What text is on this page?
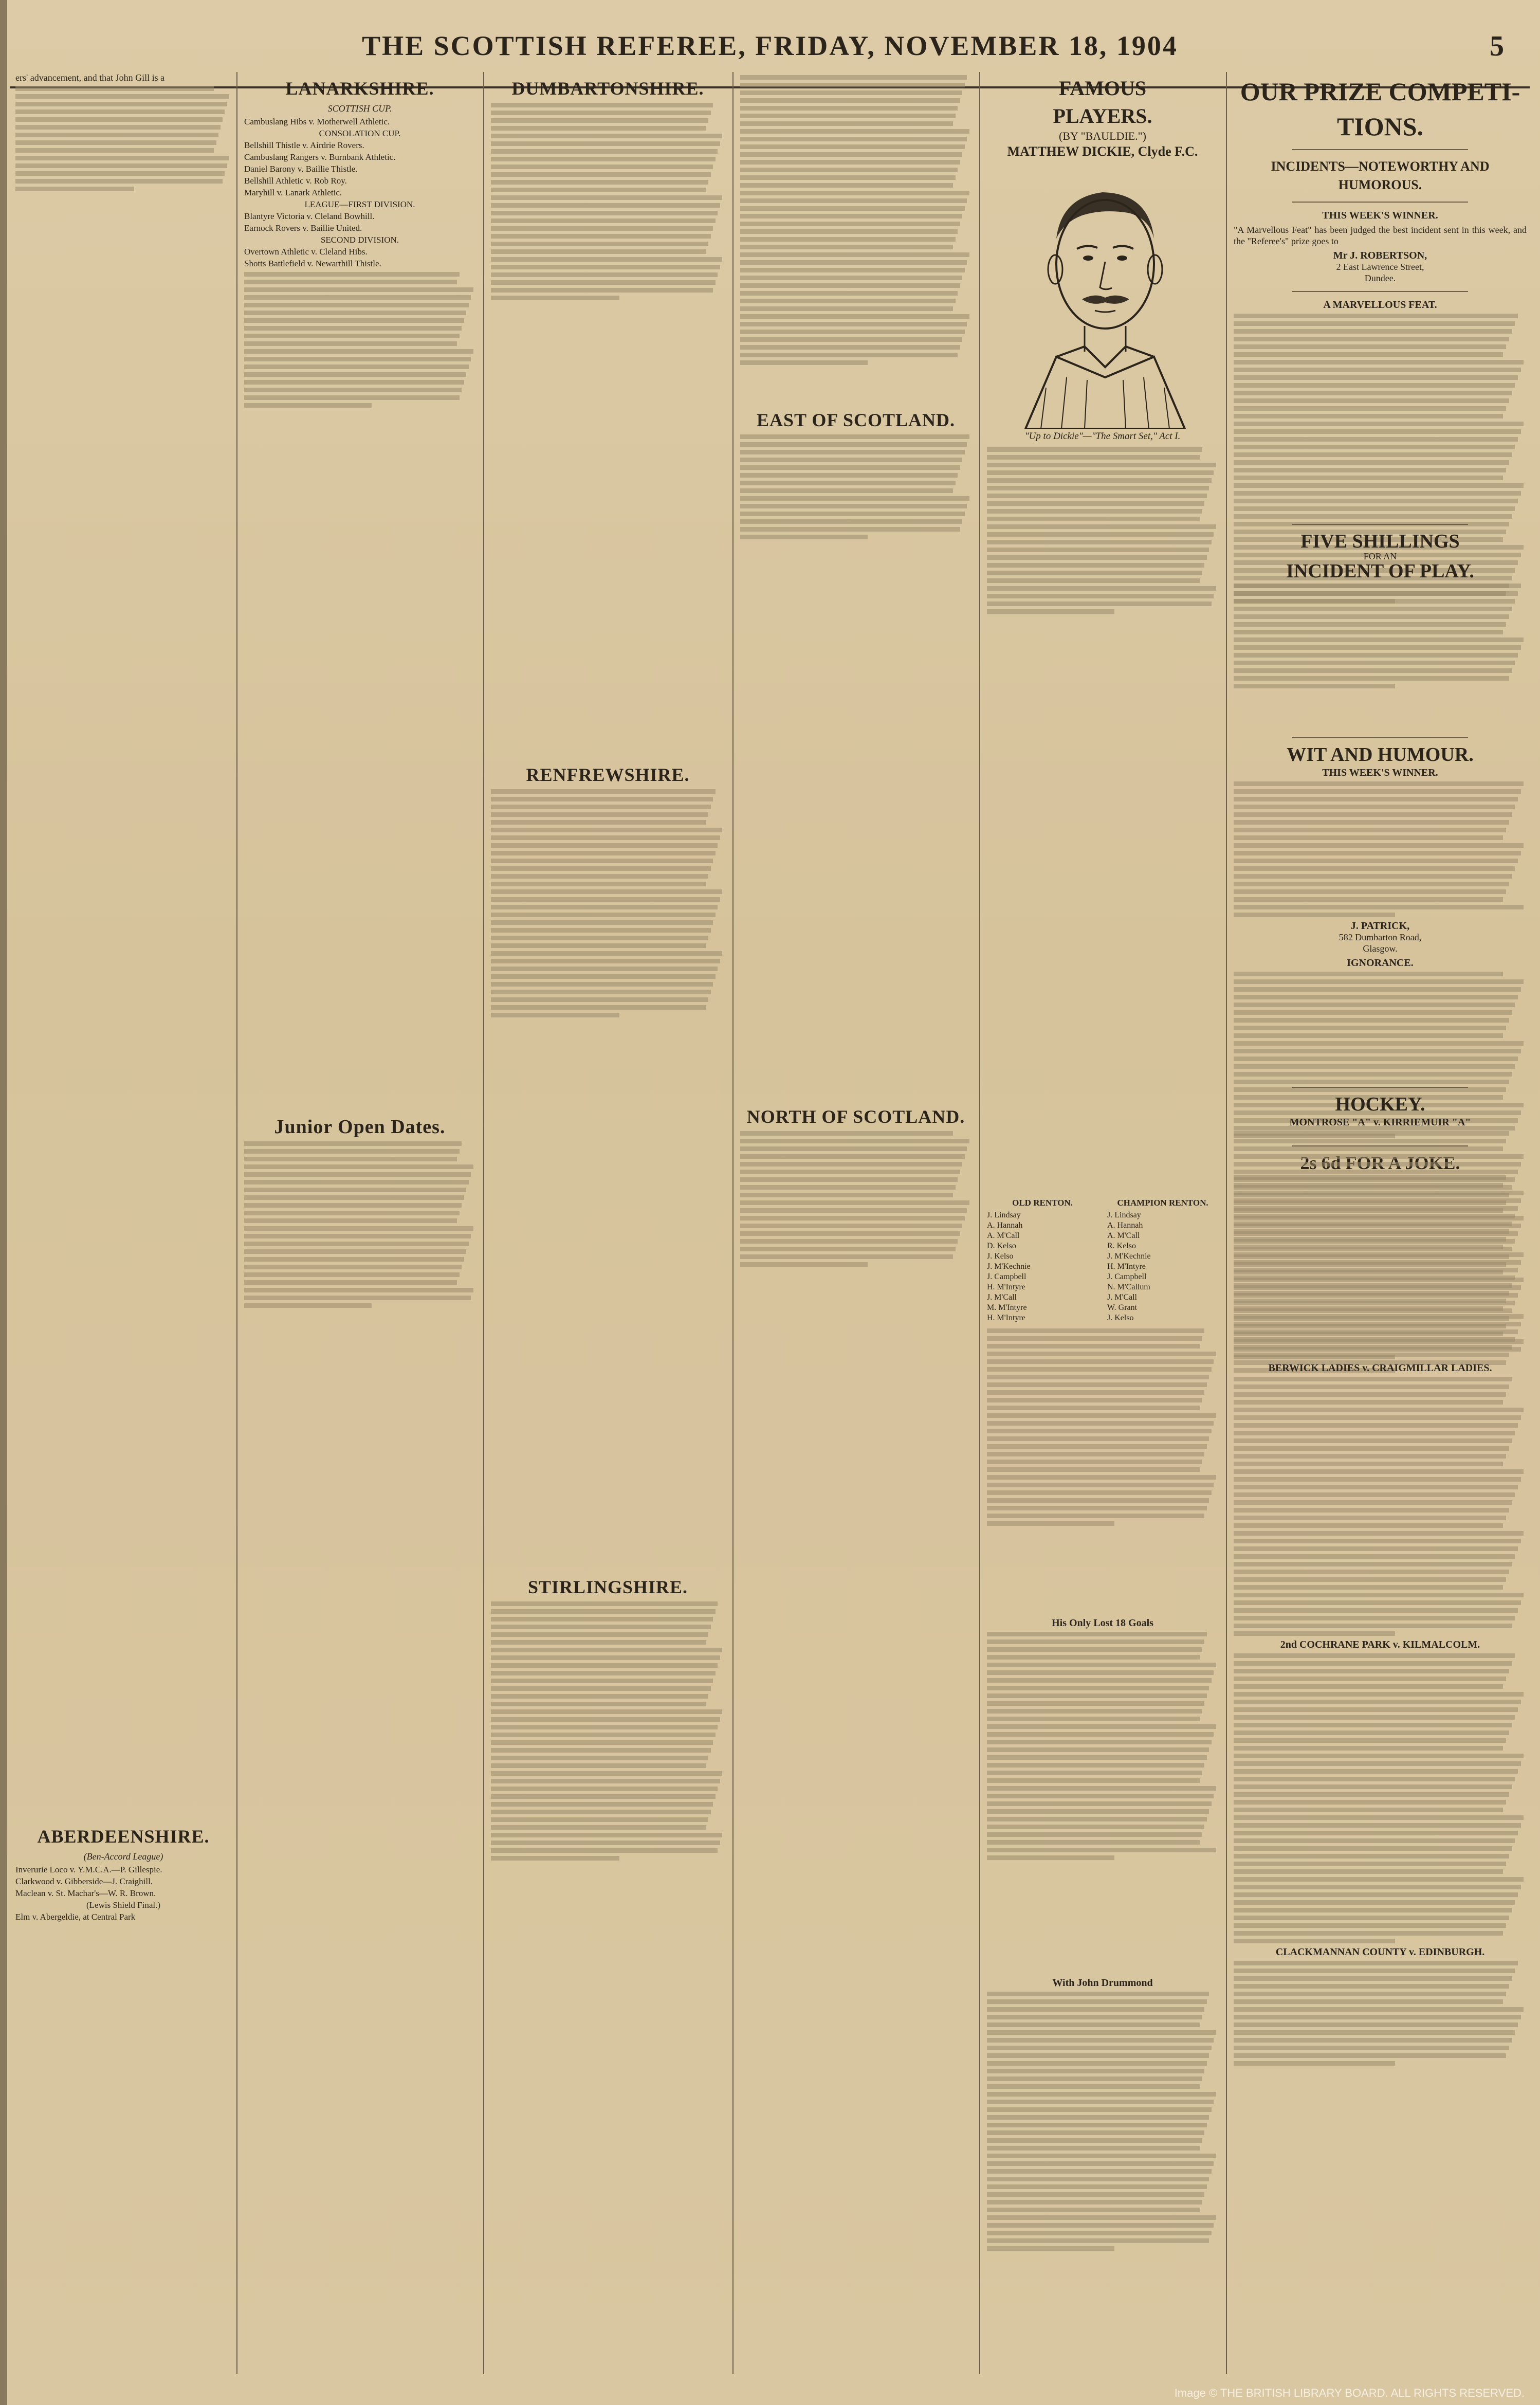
THE SCOTTISH REFEREE, FRIDAY, NOVEMBER 18, 1904	5
ers' advancement, and that John Gill is a
ABERDEENSHIRE.
(Ben-Accord League)
Inverurie Loco v. Y.M.C.A.—P. Gillespie.
Clarkwood v. Gibberside—J. Craighill.
Maclean v. St. Machar's—W. R. Brown.
(Lewis Shield Final.)
Elm v. Abergeldie, at Central Park
LANARKSHIRE.
SCOTTISH CUP.
Cambuslang Hibs v. Motherwell Athletic.
CONSOLATION CUP.
Bellshill Thistle v. Airdrie Rovers.
Cambuslang Rangers v. Burnbank Athletic.
Daniel Barony v. Baillie Thistle.
Bellshill Athletic v. Rob Roy.
Maryhill v. Lanark Athletic.
LEAGUE—FIRST DIVISION.
Blantyre Victoria v. Cleland Bowhill.
Earnock Rovers v. Baillie United.
SECOND DIVISION.
Overtown Athletic v. Cleland Hibs.
Shotts Battlefield v. Newarthill Thistle.
Junior Open Dates.
DUMBARTONSHIRE.
RENFREWSHIRE.
STIRLINGSHIRE.
EAST OF SCOTLAND.
NORTH OF SCOTLAND.
FAMOUS
PLAYERS.
(BY "BAULDIE.")
MATTHEW DICKIE, Clyde F.C.
"Up to Dickie"—"The Smart Set," Act I.
OLD RENTON.
J. Lindsay
A. Hannah
A. M'Call
D. Kelso
J. Kelso
J. M'Kechnie
J. Campbell
H. M'Intyre
J. M'Call
M. M'Intyre
H. M'Intyre
CHAMPION RENTON.
J. Lindsay
A. Hannah
A. M'Call
R. Kelso
J. M'Kechnie
H. M'Intyre
J. Campbell
N. M'Callum
J. M'Call
W. Grant
J. Kelso
His Only Lost 18 Goals
With John Drummond
OUR PRIZE COMPETI-
TIONS.
INCIDENTS—NOTEWORTHY AND
HUMOROUS.
THIS WEEK'S WINNER.
"A Marvellous Feat" has been judged the best incident sent in this week, and the "Referee's" prize goes to
Mr J. ROBERTSON,
2 East Lawrence Street,
Dundee.
A MARVELLOUS FEAT.
FIVE SHILLINGS
FOR AN
INCIDENT OF PLAY.
WIT AND HUMOUR.
THIS WEEK'S WINNER.
J. PATRICK,
582 Dumbarton Road,
Glasgow.
IGNORANCE.
HOCKEY.
MONTROSE "A" v. KIRRIEMUIR "A"
BERWICK LADIES v. CRAIGMILLAR LADIES.
2nd COCHRANE PARK v. KILMALCOLM.
CLACKMANNAN COUNTY v. EDINBURGH.
Image © THE BRITISH LIBRARY BOARD. ALL RIGHTS RESERVED.
